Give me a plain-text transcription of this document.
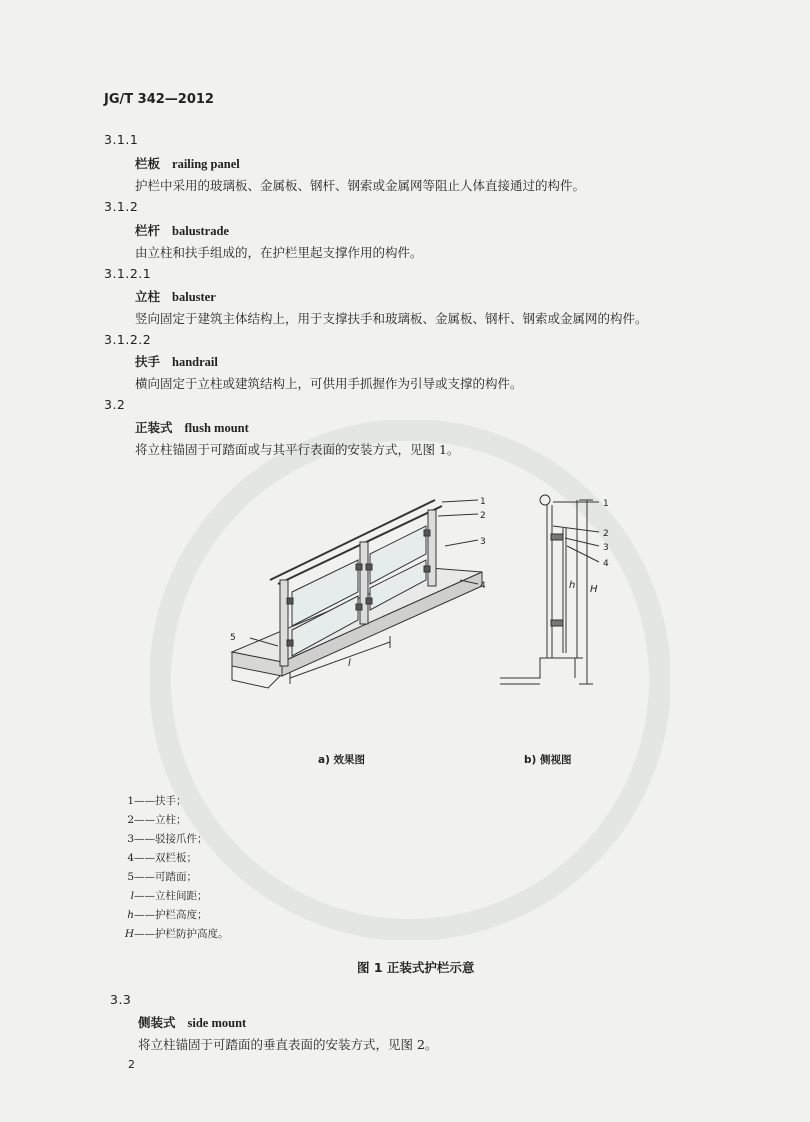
JG/T 342—2012
3.1.1
栏板 railing panel
护栏中采用的玻璃板、金属板、钢杆、钢索或金属网等阻止人体直接通过的构件。
3.1.2
栏杆 balustrade
由立柱和扶手组成的，在护栏里起支撑作用的构件。
3.1.2.1
立柱 baluster
竖向固定于建筑主体结构上，用于支撑扶手和玻璃板、金属板、钢杆、钢索或金属网的构件。
3.1.2.2
扶手 handrail
横向固定于立柱或建筑结构上，可供用手抓握作为引导或支撑的构件。
3.2
正装式 flush mount
将立柱锚固于可踏面或与其平行表面的安装方式，见图 1。
1
2
3
4
5
l
1
2
3
4
h H
a) 效果图	b) 侧视图
1——扶手；
2——立柱；
3——驳接爪件；
4——双栏板；
5——可踏面；
l——立柱间距；
h——护栏高度；
H——护栏防护高度。
图 1 正装式护栏示意
3.3
侧装式 side mount
将立柱锚固于可踏面的垂直表面的安装方式，见图 2。
2
